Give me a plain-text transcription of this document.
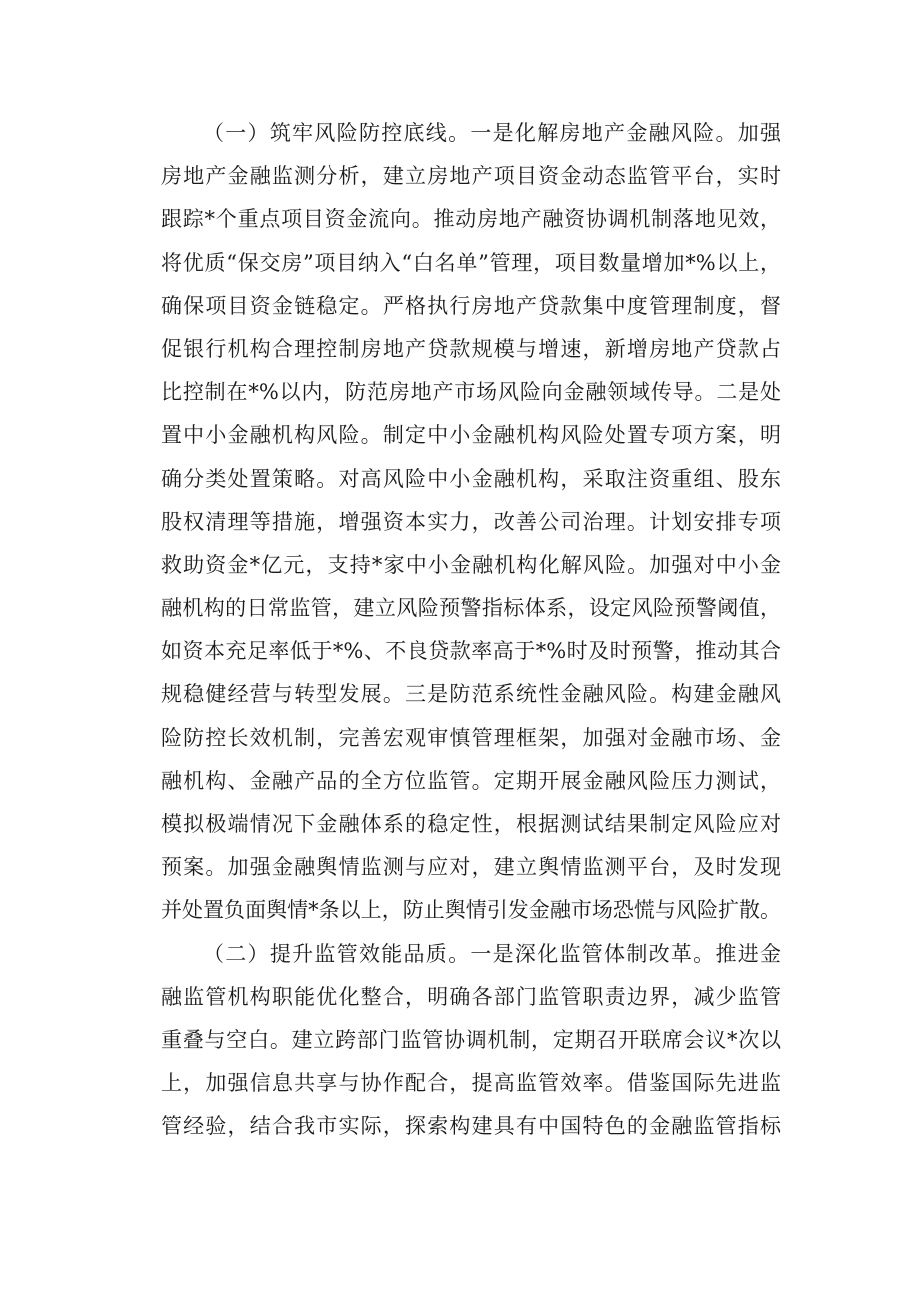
（一）筑牢风险防控底线。一是化解房地产金融风险。加强
房地产金融监测分析，建立房地产项目资金动态监管平台，实时
跟踪*个重点项目资金流向。推动房地产融资协调机制落地见效，
将优质“保交房”项目纳入“白名单”管理，项目数量增加*%以上，
确保项目资金链稳定。严格执行房地产贷款集中度管理制度，督
促银行机构合理控制房地产贷款规模与增速，新增房地产贷款占
比控制在*%以内，防范房地产市场风险向金融领域传导。二是处
置中小金融机构风险。制定中小金融机构风险处置专项方案，明
确分类处置策略。对高风险中小金融机构，采取注资重组、股东
股权清理等措施，增强资本实力，改善公司治理。计划安排专项
救助资金*亿元，支持*家中小金融机构化解风险。加强对中小金
融机构的日常监管，建立风险预警指标体系，设定风险预警阈值，
如资本充足率低于*%、不良贷款率高于*%时及时预警，推动其合
规稳健经营与转型发展。三是防范系统性金融风险。构建金融风
险防控长效机制，完善宏观审慎管理框架，加强对金融市场、金
融机构、金融产品的全方位监管。定期开展金融风险压力测试，
模拟极端情况下金融体系的稳定性，根据测试结果制定风险应对
预案。加强金融舆情监测与应对，建立舆情监测平台，及时发现
并处置负面舆情*条以上，防止舆情引发金融市场恐慌与风险扩散。
（二）提升监管效能品质。一是深化监管体制改革。推进金
融监管机构职能优化整合，明确各部门监管职责边界，减少监管
重叠与空白。建立跨部门监管协调机制，定期召开联席会议*次以
上，加强信息共享与协作配合，提高监管效率。借鉴国际先进监
管经验，结合我市实际，探索构建具有中国特色的金融监管指标
